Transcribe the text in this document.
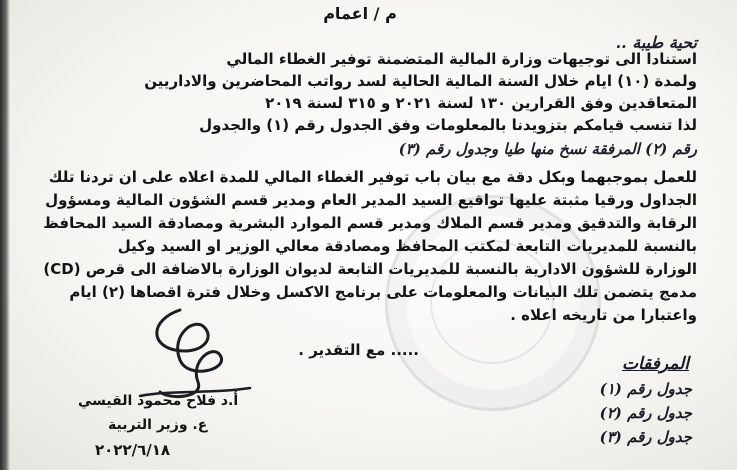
م / اعمام
تحية طيبة ..
استنادا الى توجيهات وزارة المالية المتضمنة توفير الغطاء المالي
ولمدة (١٠) ايام خلال السنة المالية الحالية لسد رواتب المحاضرين والاداريين
المتعاقدين وفق القرارين ١٣٠ لسنة ٢٠٢١ و ٣١٥ لسنة ٢٠١٩
لذا تنسب قيامكم بتزويدنا بالمعلومات وفق الجدول رقم (١) والجدول
رقم (٢) المرفقة نسخ منها طيا وجدول رقم (٣)
للعمل بموجبهما وبكل دقة مع بيان باب توفير الغطاء المالي للمدة اعلاه على ان تردنا تلك
الجداول ورقيا مثبتة عليها تواقيع السيد المدير العام ومدير قسم الشؤون المالية ومسؤول
الرقابة والتدقيق ومدير قسم الملاك ومدير قسم الموارد البشرية ومصادقة السيد المحافظ
بالنسبة للمديريات التابعة لمكتب المحافظ ومصادقة معالي الوزير او السيد وكيل
الوزارة للشؤون الادارية بالنسبة للمديريات التابعة لديوان الوزارة بالاضافة الى قرص (CD)
مدمج يتضمن تلك البيانات والمعلومات على برنامج الاكسل وخلال فترة اقصاها (٢) ايام
واعتبارا من تاريخه اعلاه .
..... مع التقدير .
أ.د فلاح محمود القيسي
ع. وزير التربية
٢٠٢٢/٦/١٨
المرفقات
جدول رقم (١)
جدول رقم (٢)
جدول رقم (٣)
